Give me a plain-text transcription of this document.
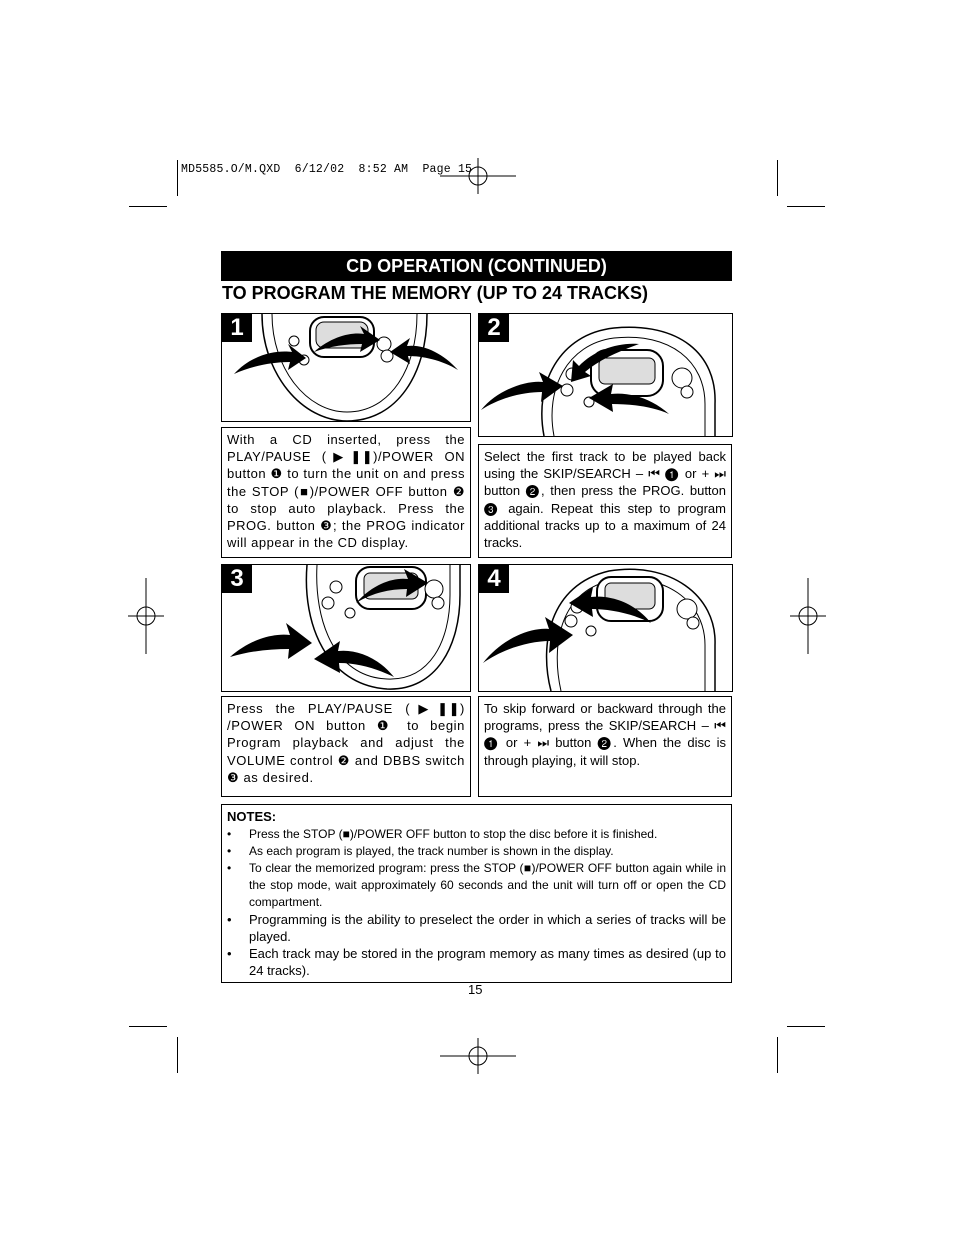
MD5585.O/M.QXD  6/12/02  8:52 AM  Page 15
CD OPERATION (CONTINUED)
TO PROGRAM THE MEMORY (UP TO 24 TRACKS)
1
With a CD inserted, press the PLAY/PAUSE (▶❚❚)/POWER ON button ❶ to turn the unit on and press the STOP (■)/POWER OFF button ❷ to stop auto playback. Press the PROG. button ❸; the PROG indicator will appear in the CD display.
2
Select the first track to be played back using the SKIP/SEARCH – ⏮ ❶ or + ⏭ button ❷, then press the PROG. button ❸ again. Repeat this step to program additional tracks up to a maximum of 24 tracks.
3
Press the PLAY/PAUSE (▶❚❚) /POWER ON button ❶ to begin Program playback and adjust the VOLUME control ❷ and DBBS switch ❸ as desired.
4
To skip forward or backward through the programs, press the SKIP/SEARCH – ⏮ ❶ or + ⏭ button ❷. When the disc is through playing, it will stop.
NOTES:
• Press the STOP (■)/POWER OFF button to stop the disc before it is finished.
• As each program is played, the track number is shown in the display.
• To clear the memorized program: press the STOP (■)/POWER OFF button again while in the stop mode, wait approximately 60 seconds and the unit will turn off or open the CD compartment.
• Programming is the ability to preselect the order in which a series of tracks will be played.
• Each track may be stored in the program memory as many times as desired (up to 24 tracks).
15
